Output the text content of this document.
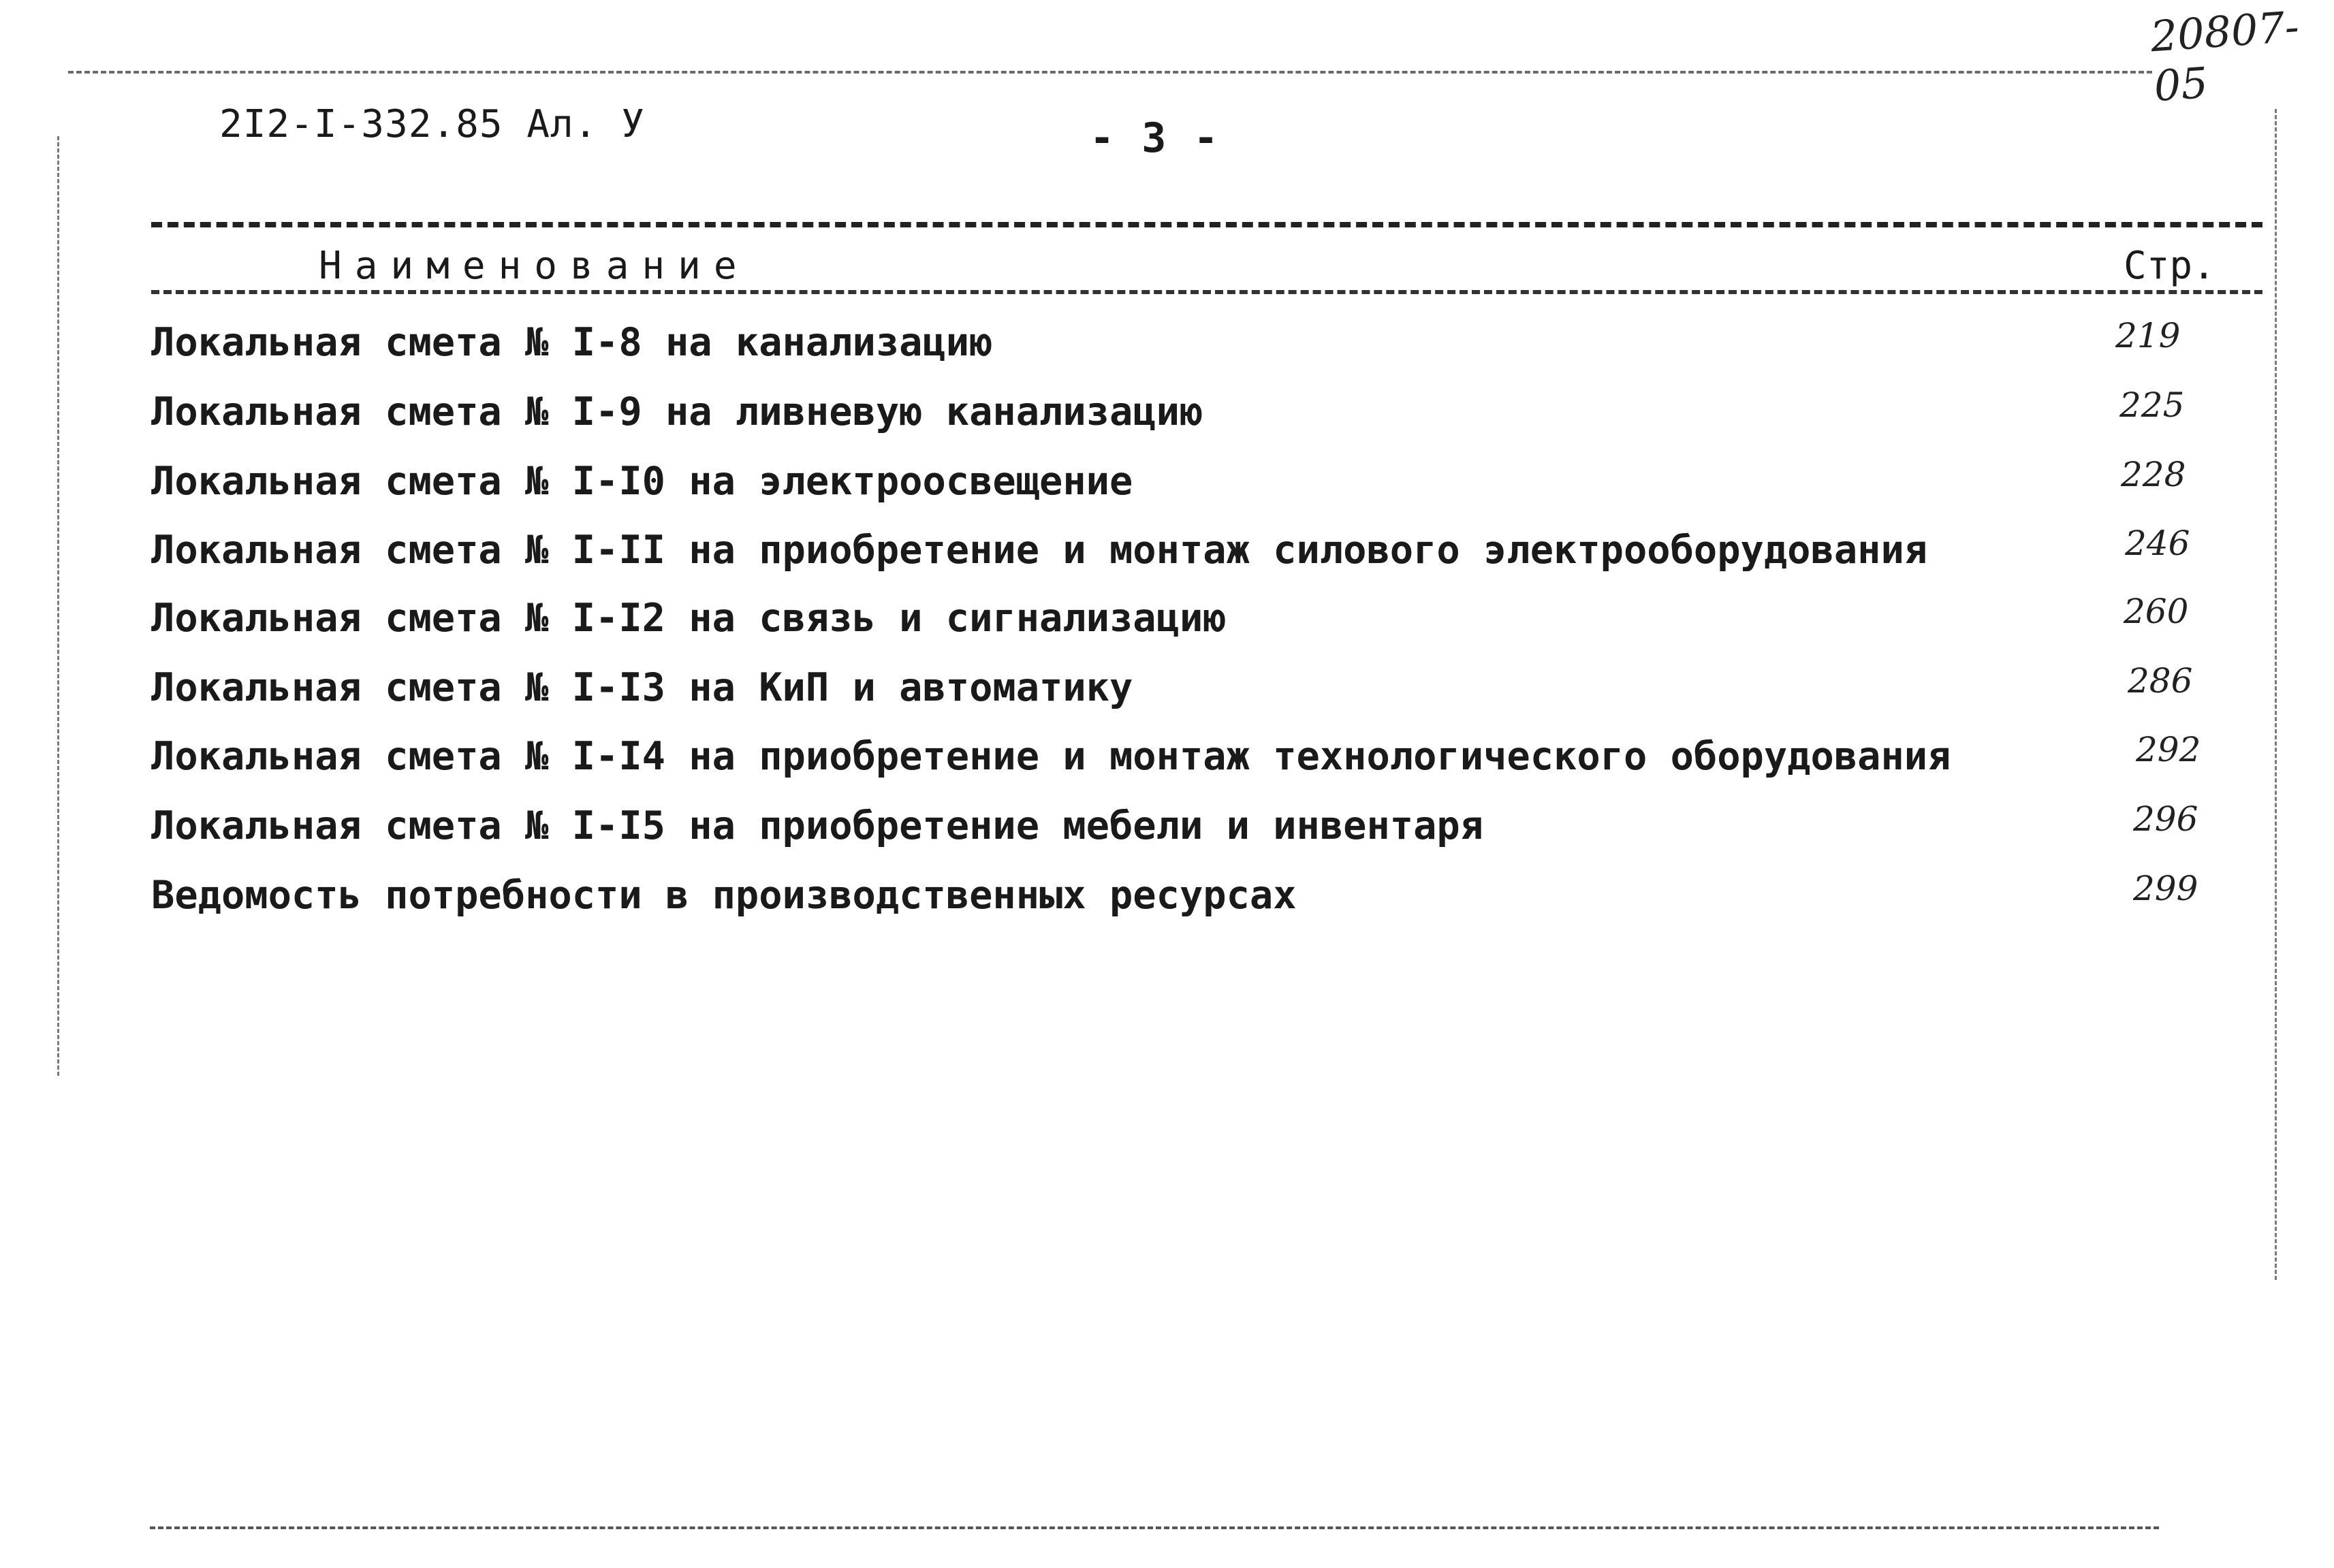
20807-05
2I2-I-332.85 Ал. У	- 3 -
Наименование	Стр.
Локальная смета № I-8 на канализацию	219
Локальная смета № I-9 на ливневую канализацию	225
Локальная смета № I-I0 на электроосвещение	228
Локальная смета № I-II на приобретение и монтаж силового электрооборудования	246
Локальная смета № I-I2 на связь и сигнализацию	260
Локальная смета № I-I3 на КиП и автоматику	286
Локальная смета № I-I4 на приобретение и монтаж технологического оборудования	292
Локальная смета № I-I5 на приобретение мебели и инвентаря	296
Ведомость потребности в производственных ресурсах	299
